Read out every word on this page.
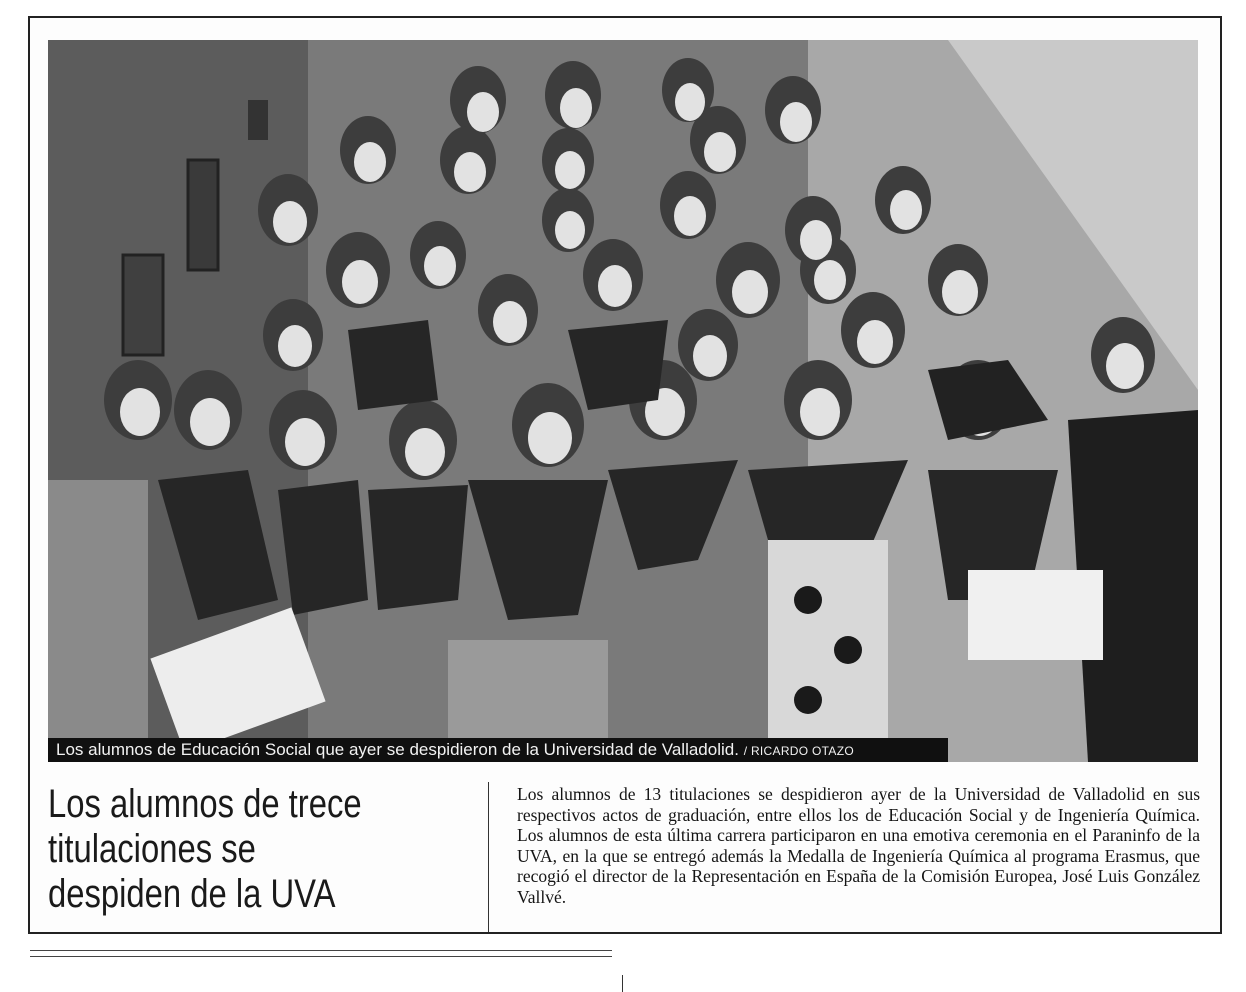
Los alumnos de Educación Social que ayer se despidieron de la Universidad de Valladolid. / RICARDO OTAZO
Los alumnos de trece titulaciones se despiden de la UVA

Los alumnos de 13 titulaciones se despidieron ayer de la Universidad de Valladolid en sus respectivos actos de graduación, entre ellos los de Educación Social y de Ingeniería Química. Los alumnos de esta última carrera participaron en una emotiva ceremonia en el Paraninfo de la UVA, en la que se entregó además la Medalla de Ingeniería Química al programa Erasmus, que recogió el director de la Representación en España de la Comisión Europea, José Luis González Vallvé.
